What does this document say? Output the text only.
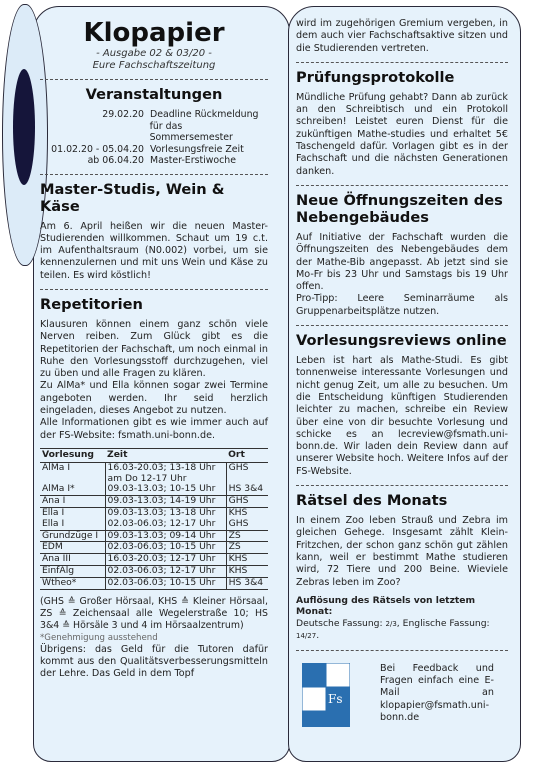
Klopapier
- Ausgabe 02 & 03/20 -
Eure Fachschaftszeitung
Veranstaltungen
29.02.20 Deadline Rückmeldung
für das Sommersemester
01.02.20 - 05.04.20 Vorlesungsfreie Zeit
ab 06.04.20 Master-Erstiwoche
Master-Studis, Wein & Käse

Am 6. April heißen wir die neuen Master-Studierenden willkommen. Schaut um 19 c.t. im Aufenthaltsraum (N0.002) vorbei, um sie kennenzulernen und mit uns Wein und Käse zu teilen. Es wird köstlich!

Repetitorien

Klausuren können einem ganz schön viele Nerven reiben. Zum Glück gibt es die Repetitorien der Fachschaft, um noch einmal in Ruhe den Vorlesungsstoff durchzugehen, viel zu üben und alle Fragen zu klären.

Zu AlMa* und Ella können sogar zwei Termine angeboten werden. Ihr seid herzlich eingeladen, dieses Angebot zu nutzen.

Alle Informationen gibt es wie immer auch auf der FS-Website: fsmath.uni-bonn.de.

Vorlesung	Zeit	Ort
AlMa I	16.03-20.03; 13-18 Uhr	GHS
	am Do 12-17 Uhr	
AlMa I*	09.03-13.03; 10-15 Uhr	HS 3&4
Ana I	09.03-13.03; 14-19 Uhr	GHS
Ella I	09.03-13.03; 13-18 Uhr	KHS
Ella I	02.03-06.03; 12-17 Uhr	GHS
Grundzüge I	09.03-13.03; 09-14 Uhr	ZS
EDM	02.03-06.03; 10-15 Uhr	ZS
Ana III	16.03-20.03; 12-17 Uhr	KHS
EinfAlg	02.03-06.03; 12-17 Uhr	KHS
Wtheo*	02.03-06.03; 10-15 Uhr	HS 3&4

(GHS ≙ Großer Hörsaal, KHS ≙ Kleiner Hörsaal, ZS ≙ Zeichensaal alle Wegelerstraße 10; HS 3&4 ≙ Hörsäle 3 und 4 im Hörsaalzentrum)

*Genehmigung ausstehend

Übrigens: das Geld für die Tutoren dafür kommt aus den Qualitätsverbesserungsmitteln der Lehre. Das Geld in dem Topf

wird im zugehörigen Gremium vergeben, in dem auch vier Fachschaftsaktive sitzen und die Studierenden vertreten.

Prüfungsprotokolle

Mündliche Prüfung gehabt? Dann ab zurück an den Schreibtisch und ein Protokoll schreiben! Leistet euren Dienst für die zukünftigen Mathe-studies und erhaltet 5€ Taschengeld dafür. Vorlagen gibt es in der Fachschaft und die nächsten Generationen danken.

Neue Öffnungszeiten des Nebengebäudes

Auf Initiative der Fachschaft wurden die Öffnungszeiten des Nebengebäudes dem der Mathe-Bib angepasst. Ab jetzt sind sie Mo-Fr bis 23 Uhr und Samstags bis 19 Uhr offen.

Pro-Tipp: Leere Seminarräume als Gruppenarbeitsplätze nutzen.

Vorlesungsreviews online

Leben ist hart als Mathe-Studi. Es gibt tonnenweise interessante Vorlesungen und nicht genug Zeit, um alle zu besuchen. Um die Entscheidung künftigen Studierenden leichter zu machen, schreibe ein Review über eine von dir besuchte Vorlesung und schicke es an lecreview@fsmath.uni-bonn.de. Wir laden dein Review dann auf unserer Website hoch. Weitere Infos auf der FS-Website.

Rätsel des Monats

In einem Zoo leben Strauß und Zebra im gleichen Gehege. Insgesamt zählt Klein-Fritzchen, der schon ganz schön gut zählen kann, weil er bestimmt Mathe studieren wird, 72 Tiere und 200 Beine. Wieviele Zebras leben im Zoo?

Auflösung des Rätsels von letztem Monat:
Deutsche Fassung: 2/3, Englische Fassung: 14/27.
Fs

Bei Feedback und Fragen einfach eine E-Mail an klopapier@fsmath.uni-bonn.de
